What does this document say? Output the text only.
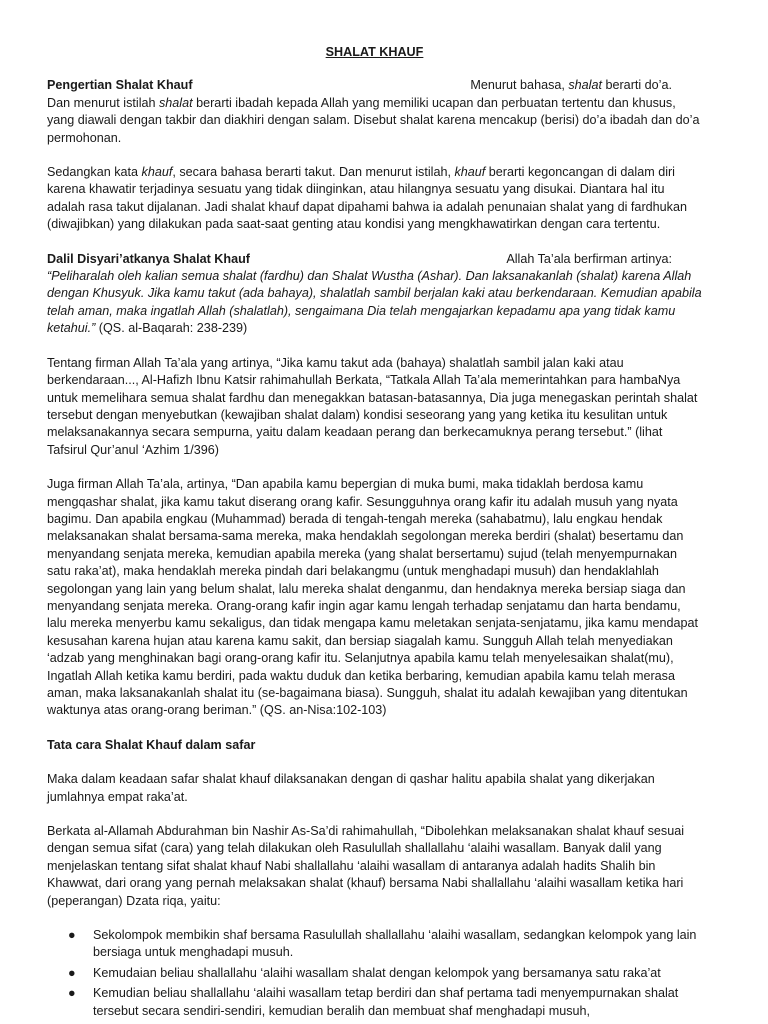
SHALAT KHAUF
Pengertian Shalat Khauf	Menurut bahasa, shalat berarti do’a.

Dan menurut istilah shalat berarti ibadah kepada Allah yang memiliki ucapan dan perbuatan tertentu dan khusus, yang diawali dengan takbir dan diakhiri dengan salam. Disebut shalat karena mencakup (berisi) do’a ibadah dan do’a permohonan.

Sedangkan kata khauf, secara bahasa berarti takut. Dan menurut istilah, khauf berarti kegoncangan di dalam diri karena khawatir terjadinya sesuatu yang tidak diinginkan, atau hilangnya sesuatu yang disukai. Diantara hal itu adalah rasa takut dijalanan. Jadi shalat khauf dapat dipahami bahwa ia adalah penunaian shalat yang di fardhukan (diwajibkan) yang dilakukan pada saat-saat genting atau kondisi yang mengkhawatirkan dengan cara tertentu.

Dalil Disyari’atkanya Shalat Khauf	Allah Ta’ala berfirman artinya:

“Peliharalah oleh kalian semua shalat (fardhu) dan Shalat Wustha (Ashar). Dan laksanakanlah (shalat) karena Allah dengan Khusyuk. Jika kamu takut (ada bahaya), shalatlah sambil berjalan kaki atau berkendaraan. Kemudian apabila telah aman, maka ingatlah Allah (shalatlah), sengaimana Dia telah mengajarkan kepadamu apa yang tidak kamu ketahui.” (QS. al-Baqarah: 238-239)

Tentang firman Allah Ta’ala yang artinya, “Jika kamu takut ada (bahaya) shalatlah sambil jalan kaki atau berkendaraan..., Al-Hafizh Ibnu Katsir rahimahullah Berkata, “Tatkala Allah Ta’ala memerintahkan para hambaNya untuk memelihara semua shalat fardhu dan menegakkan batasan-batasannya, Dia juga menegaskan perintah shalat tersebut dengan menyebutkan (kewajiban shalat dalam) kondisi seseorang yang yang ketika itu kesulitan untuk melaksanakannya secara sempurna, yaitu dalam keadaan perang dan berkecamuknya perang tersebut.” (lihat Tafsirul Qur’anul ‘Azhim 1/396)

Juga firman Allah Ta’ala, artinya, “Dan apabila kamu bepergian di muka bumi, maka tidaklah berdosa kamu mengqashar shalat, jika kamu takut diserang orang kafir. Sesungguhnya orang kafir itu adalah musuh yang nyata bagimu. Dan apabila engkau (Muhammad) berada di tengah-tengah mereka (sahabatmu), lalu engkau hendak melaksanakan shalat bersama-sama mereka, maka hendaklah segolongan mereka berdiri (shalat) besertamu dan menyandang senjata mereka, kemudian apabila mereka (yang shalat bersertamu) sujud (telah menyempurnakan satu raka’at), maka hendaklah mereka pindah dari belakangmu (untuk menghadapi musuh) dan hendaklahlah segolongan yang lain yang belum shalat, lalu mereka shalat denganmu, dan hendaknya mereka bersiap siaga dan menyandang senjata mereka. Orang-orang kafir ingin agar kamu lengah terhadap senjatamu dan harta bendamu, lalu mereka menyerbu kamu sekaligus, dan tidak mengapa kamu meletakan senjata-senjatamu, jika kamu mendapat kesusahan karena hujan atau karena kamu sakit, dan bersiap siagalah kamu. Sungguh Allah telah menyediakan ‘adzab yang menghinakan bagi orang-orang kafir itu. Selanjutnya apabila kamu telah menyelesaikan shalat(mu), Ingatlah Allah ketika kamu berdiri, pada waktu duduk dan ketika berbaring, kemudian apabila kamu telah merasa aman, maka laksanakanlah shalat itu (se-bagaimana biasa). Sungguh, shalat itu adalah kewajiban yang ditentukan waktunya atas orang-orang beriman.” (QS. an-Nisa:102-103)

Tata cara Shalat Khauf dalam safar

Maka dalam keadaan safar shalat khauf dilaksanakan dengan di qashar halitu apabila shalat yang dikerjakan jumlahnya empat raka’at.

Berkata al-Allamah Abdurahman bin Nashir As-Sa’di rahimahullah, “Dibolehkan melaksanakan shalat khauf sesuai dengan semua sifat (cara) yang telah dilakukan oleh Rasulullah shallallahu ‘alaihi wasallam. Banyak dalil yang menjelaskan tentang sifat shalat khauf Nabi shallallahu ‘alaihi wasallam di antaranya adalah hadits Shalih bin Khawwat, dari orang yang pernah melaksakan shalat (khauf) bersama Nabi shallallahu ‘alaihi wasallam ketika hari (peperangan) Dzata riqa, yaitu:

● Sekolompok membikin shaf bersama Rasulullah shallallahu ‘alaihi wasallam, sedangkan kelompok yang lain bersiaga untuk menghadapi musuh.
● Kemudaian beliau shallallahu ‘alaihi wasallam shalat dengan kelompok yang bersamanya satu raka’at
● Kemudian beliau shallallahu ‘alaihi wasallam tetap berdiri dan shaf pertama tadi menyempurnakan shalat tersebut secara sendiri-sendiri, kemudian beralih dan membuat shaf menghadapi musuh,
